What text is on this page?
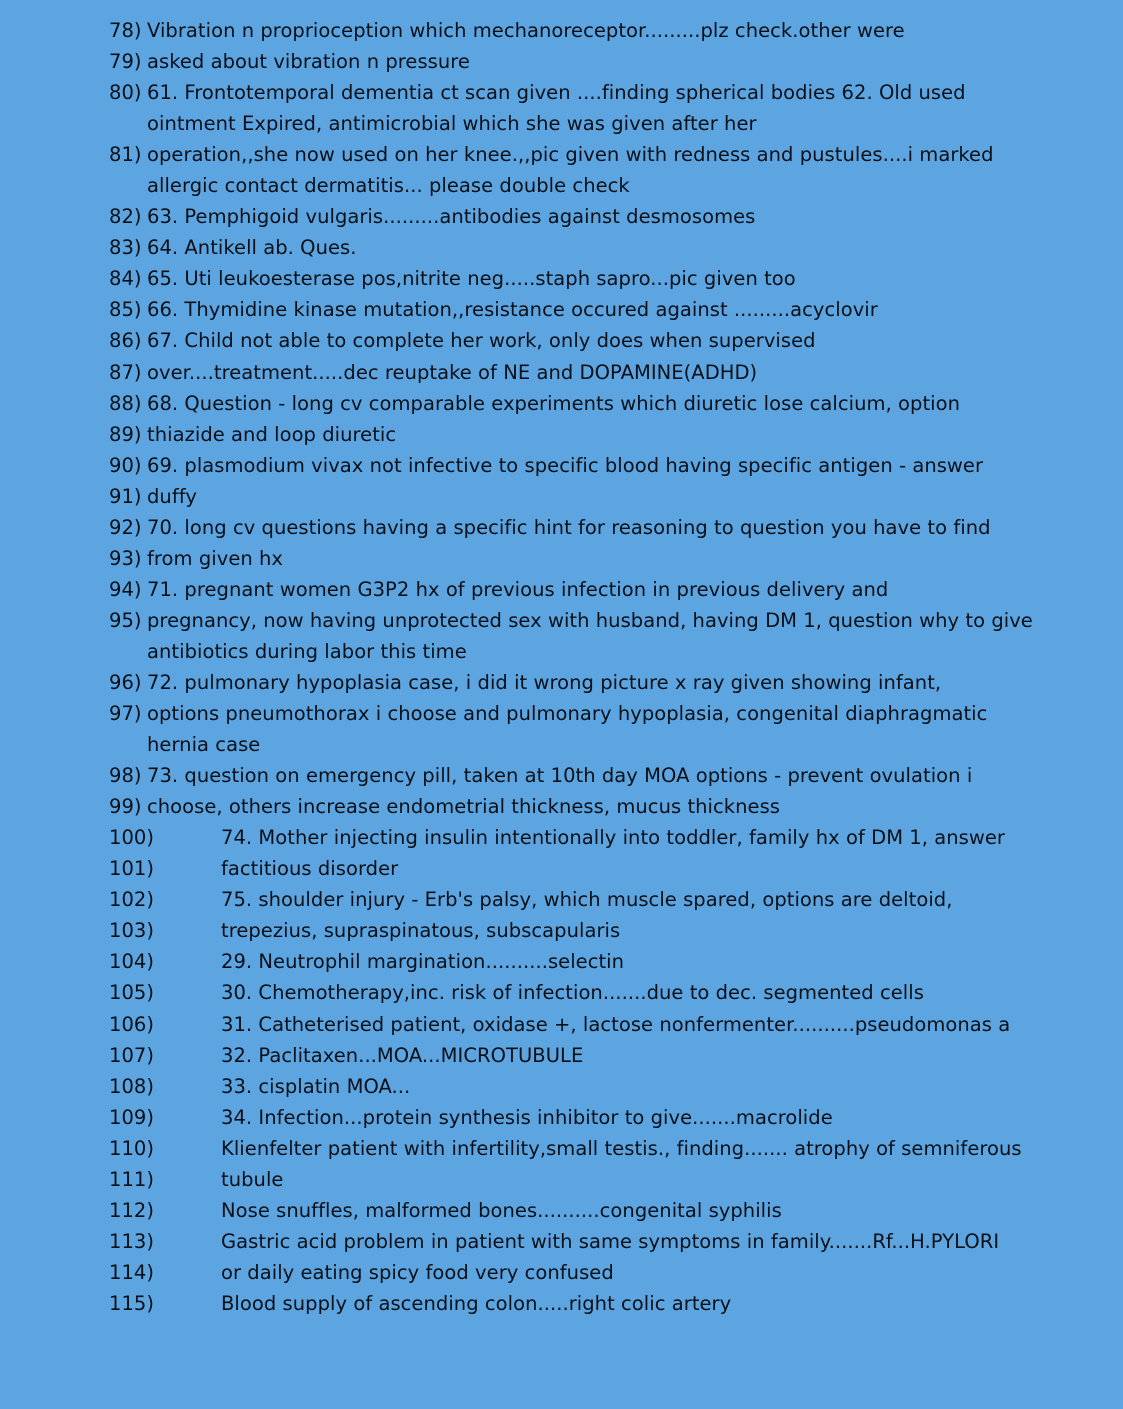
78) Vibration n proprioception which mechanoreceptor.........plz check.other were
79) asked about vibration n pressure
80) 61. Frontotemporal dementia ct scan given ....finding spherical bodies 62. Old used
ointment Expired, antimicrobial which she was given after her
81) operation,,she now used on her knee.,,pic given with redness and pustules....i marked
allergic contact dermatitis... please double check
82) 63. Pemphigoid vulgaris.........antibodies against desmosomes
83) 64. Antikell ab. Ques.
84) 65. Uti leukoesterase pos,nitrite neg.....staph sapro...pic given too
85) 66. Thymidine kinase mutation,,resistance occured against .........acyclovir
86) 67. Child not able to complete her work, only does when supervised
87) over....treatment.....dec reuptake of NE and DOPAMINE(ADHD)
88) 68. Question - long cv comparable experiments which diuretic lose calcium, option
89) thiazide and loop diuretic
90) 69. plasmodium vivax not infective to specific blood having specific antigen - answer
91) duffy
92) 70. long cv questions having a specific hint for reasoning to question you have to find
93) from given hx
94) 71. pregnant women G3P2 hx of previous infection in previous delivery and
95) pregnancy, now having unprotected sex with husband, having DM 1, question why to give
antibiotics during labor this time
96) 72. pulmonary hypoplasia case, i did it wrong picture x ray given showing infant,
97) options pneumothorax i choose and pulmonary hypoplasia, congenital diaphragmatic
hernia case
98) 73. question on emergency pill, taken at 10th day MOA options - prevent ovulation i
99) choose, others increase endometrial thickness, mucus thickness
100)	74. Mother injecting insulin intentionally into toddler, family hx of DM 1, answer
101)	factitious disorder
102)	75. shoulder injury - Erb's palsy, which muscle spared, options are deltoid,
103)	trepezius, supraspinatous, subscapularis
104)	29. Neutrophil margination..........selectin
105)	30. Chemotherapy,inc. risk of infection.......due to dec. segmented cells
106)	31. Catheterised patient, oxidase +, lactose nonfermenter..........pseudomonas a
107)	32. Paclitaxen...MOA...MICROTUBULE
108)	33. cisplatin MOA...
109)	34. Infection...protein synthesis inhibitor to give.......macrolide
110)	Klienfelter patient with infertility,small testis., finding....... atrophy of semniferous
111)	tubule
112)	Nose snuffles, malformed bones..........congenital syphilis
113)	Gastric acid problem in patient with same symptoms in family.......Rf...H.PYLORI
114)	or daily eating spicy food very confused
115)	Blood supply of ascending colon.....right colic artery
